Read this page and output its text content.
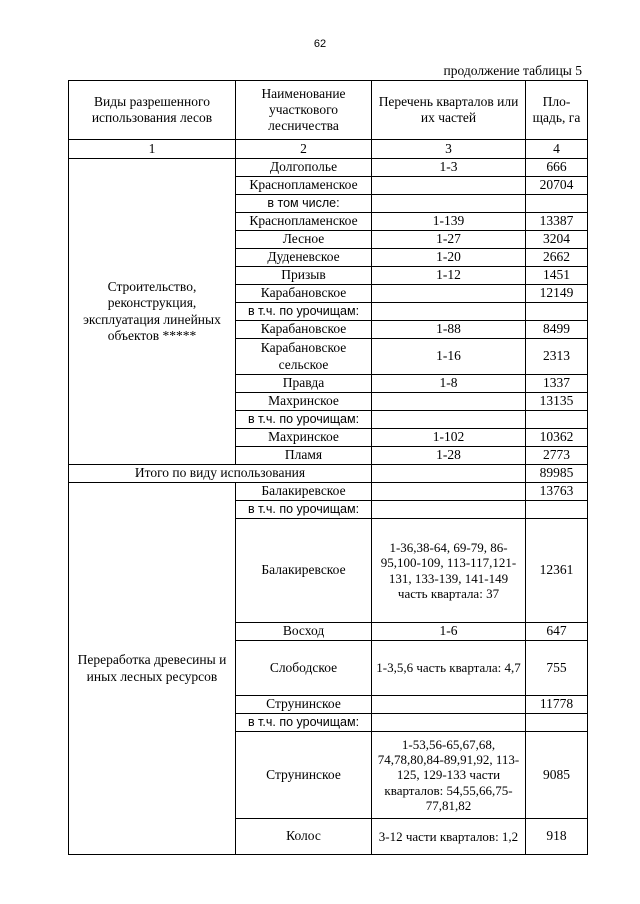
62
продолжение таблицы 5
Виды разрешенного использования лесов	Наименование участкового лесничества	Перечень кварталов или их частей	Пло-щадь, га
1	2	3	4
Строительство, реконструкция, эксплуатация линейных объектов *****	Долгополье	1-3	666
	Краснопламенское		20704
	в том числе:		
	Краснопламенское	1-139	13387
	Лесное	1-27	3204
	Дуденевское	1-20	2662
	Призыв	1-12	1451
	Карабановское		12149
	в т.ч. по урочищам:		
	Карабановское	1-88	8499
	Карабановское сельское	1-16	2313
	Правда	1-8	1337
	Махринское		13135
	в т.ч. по урочищам:		
	Махринское	1-102	10362
	Пламя	1-28	2773
Итого по виду использования			89985
Переработка древесины и иных лесных ресурсов	Балакиревское		13763
	в т.ч. по урочищам:		
	Балакиревское	1-36,38-64, 69-79, 86-95,100-109, 113-117,121-131, 133-139, 141-149 часть квартала: 37	12361
	Восход	1-6	647
	Слободское	1-3,5,6 часть квартала: 4,7	755
	Струнинское		11778
	в т.ч. по урочищам:		
	Струнинское	1-53,56-65,67,68, 74,78,80,84-89,91,92, 113-125, 129-133 части кварталов: 54,55,66,75-77,81,82	9085
	Колос	3-12 части кварталов: 1,2	918
